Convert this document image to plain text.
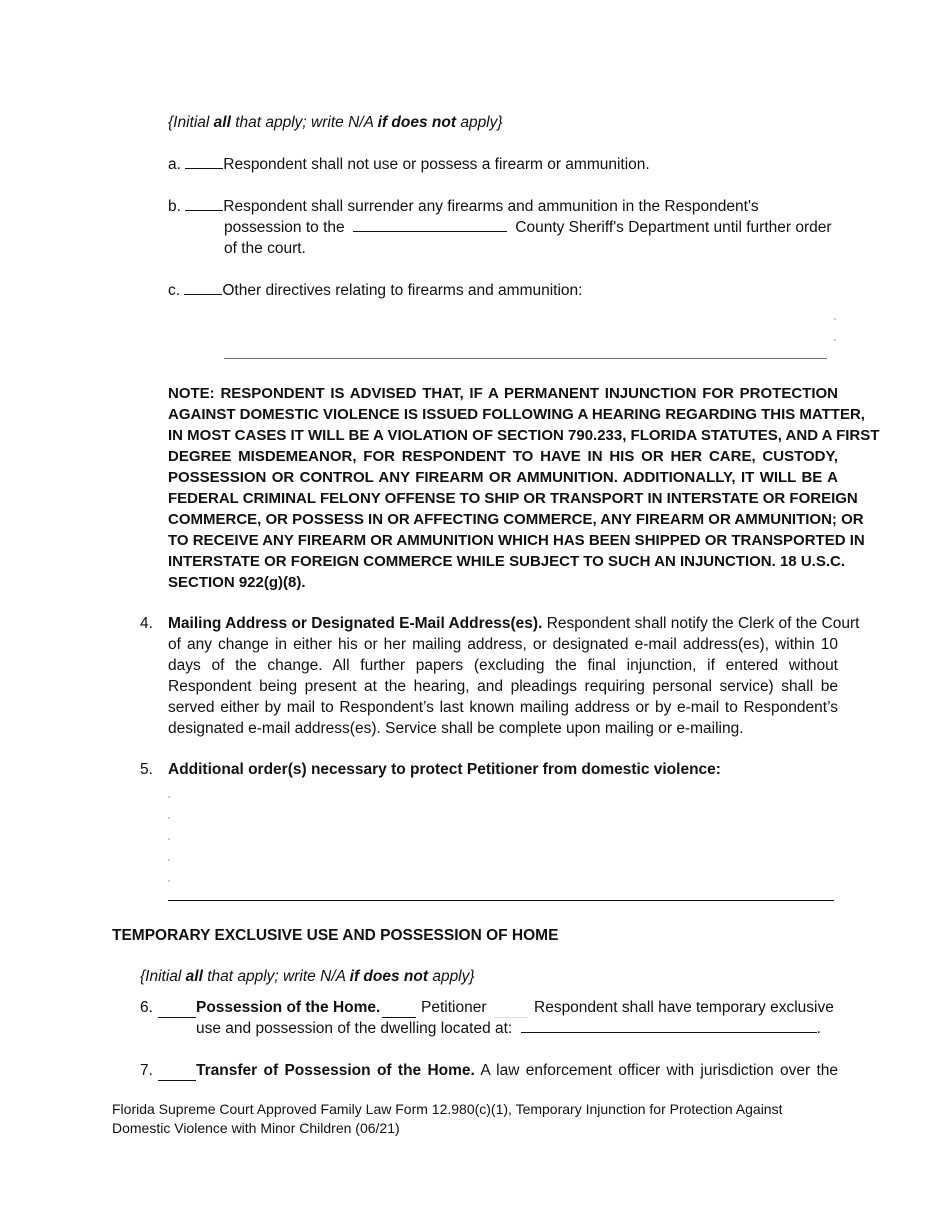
{Initial all that apply; write N/A if does not apply}
a.	Respondent shall not use or possess a firearm or ammunition.
b.	Respondent shall surrender any firearms and ammunition in the Respondent's
possession to the	County Sheriff's Department until further order
of the court.
c.	Other directives relating to firearms and ammunition:
NOTE: RESPONDENT IS ADVISED THAT, IF A PERMANENT INJUNCTION FOR PROTECTION
AGAINST DOMESTIC VIOLENCE IS ISSUED FOLLOWING A HEARING REGARDING THIS MATTER,
IN MOST CASES IT WILL BE A VIOLATION OF SECTION 790.233, FLORIDA STATUTES, AND A FIRST
DEGREE MISDEMEANOR, FOR RESPONDENT TO HAVE IN HIS OR HER CARE, CUSTODY,
POSSESSION OR CONTROL ANY FIREARM OR AMMUNITION. ADDITIONALLY, IT WILL BE A
FEDERAL CRIMINAL FELONY OFFENSE TO SHIP OR TRANSPORT IN INTERSTATE OR FOREIGN
COMMERCE, OR POSSESS IN OR AFFECTING COMMERCE, ANY FIREARM OR AMMUNITION; OR
TO RECEIVE ANY FIREARM OR AMMUNITION WHICH HAS BEEN SHIPPED OR TRANSPORTED IN
INTERSTATE OR FOREIGN COMMERCE WHILE SUBJECT TO SUCH AN INJUNCTION. 18 U.S.C.
SECTION 922(g)(8).
4. Mailing Address or Designated E-Mail Address(es). Respondent shall notify the Clerk of the Court
of any change in either his or her mailing address, or designated e-mail address(es), within 10
days of the change. All further papers (excluding the final injunction, if entered without
Respondent being present at the hearing, and pleadings requiring personal service) shall be
served either by mail to Respondent’s last known mailing address or by e-mail to Respondent’s
designated e-mail address(es). Service shall be complete upon mailing or e-mailing.
5. Additional order(s) necessary to protect Petitioner from domestic violence:
TEMPORARY EXCLUSIVE USE AND POSSESSION OF HOME
{Initial all that apply; write N/A if does not apply}
6.	Possession of the Home.	Petitioner	Respondent shall have temporary exclusive
use and possession of the dwelling located at:	.
7.	Transfer of Possession of the Home. A law enforcement officer with jurisdiction over the
Florida Supreme Court Approved Family Law Form 12.980(c)(1), Temporary Injunction for Protection Against
Domestic Violence with Minor Children (06/21)
